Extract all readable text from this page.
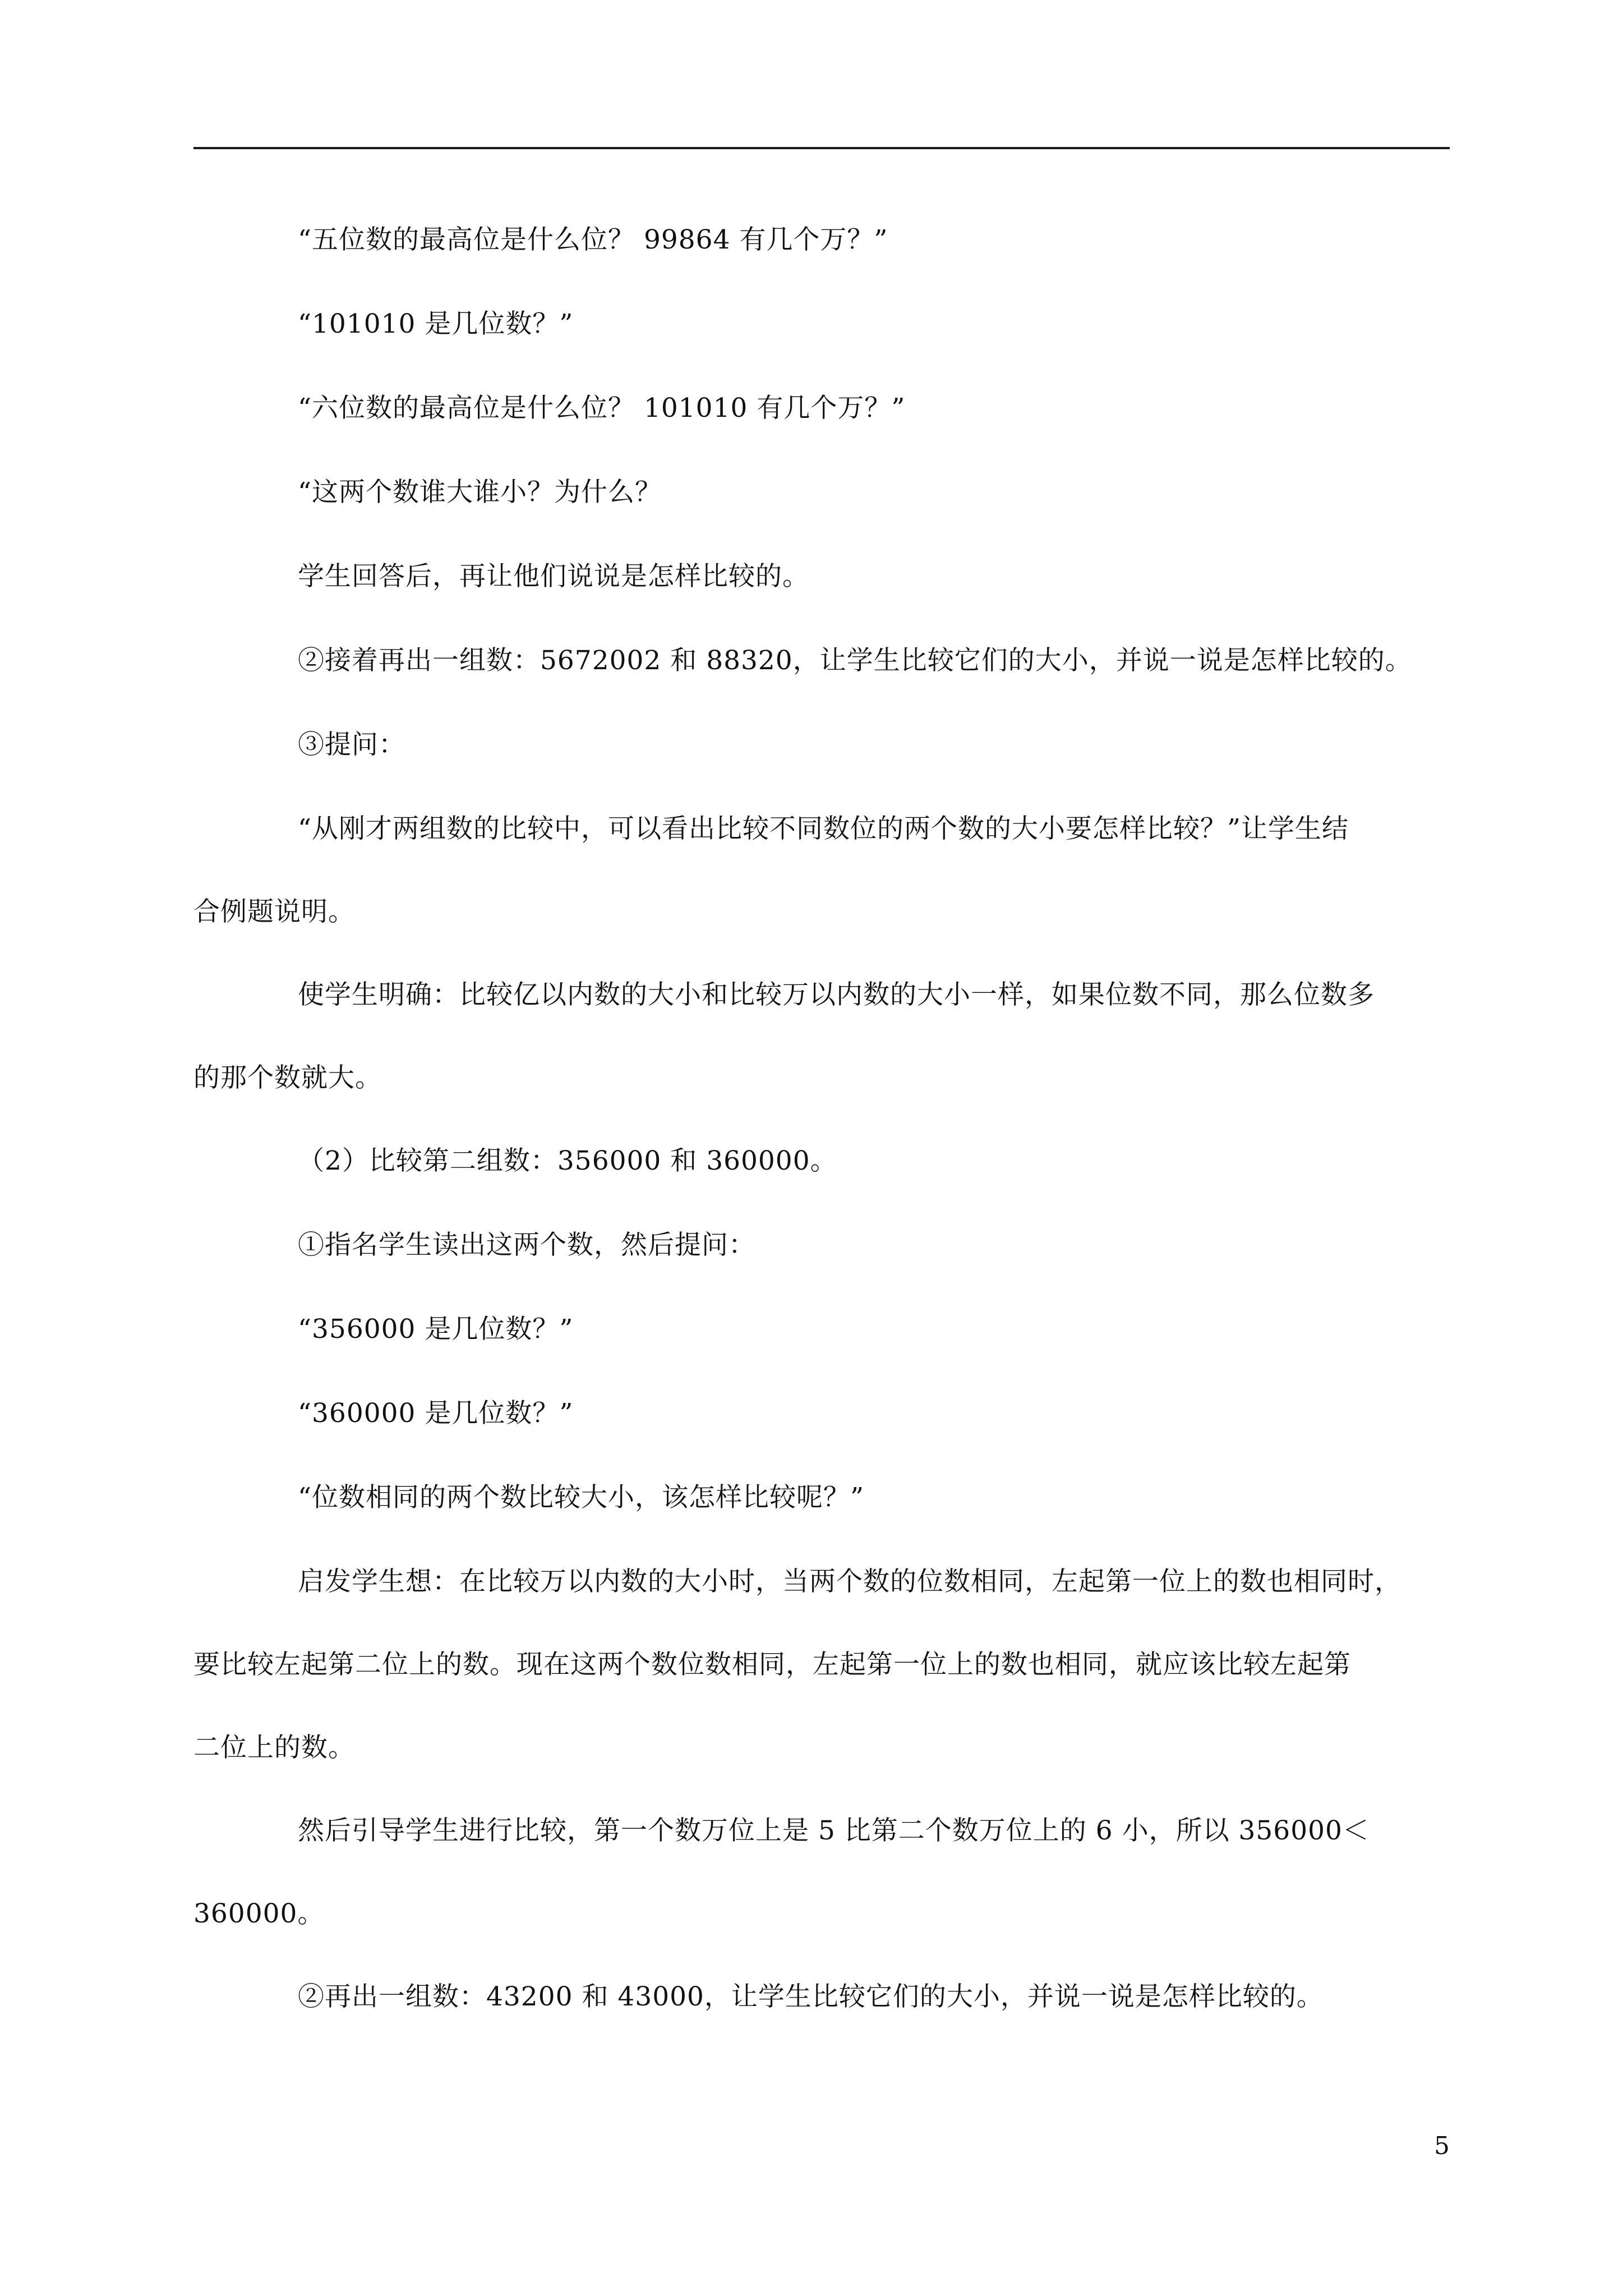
“五位数的最高位是什么位？ 99864 有几个万？”
“101010 是几位数？”
“六位数的最高位是什么位？ 101010 有几个万？”
“这两个数谁大谁小？为什么？
学生回答后，再让他们说说是怎样比较的。
②接着再出一组数：5672002 和 88320，让学生比较它们的大小，并说一说是怎样比较的。
③提问：
“从刚才两组数的比较中，可以看出比较不同数位的两个数的大小要怎样比较？”让学生结
合例题说明。
使学生明确：比较亿以内数的大小和比较万以内数的大小一样，如果位数不同，那么位数多
的那个数就大。
（2）比较第二组数：356000 和 360000。
①指名学生读出这两个数，然后提问：
“356000 是几位数？”
“360000 是几位数？”
“位数相同的两个数比较大小，该怎样比较呢？”
启发学生想：在比较万以内数的大小时，当两个数的位数相同，左起第一位上的数也相同时，
要比较左起第二位上的数。现在这两个数位数相同，左起第一位上的数也相同，就应该比较左起第
二位上的数。
然后引导学生进行比较，第一个数万位上是 5 比第二个数万位上的 6 小，所以 356000＜
360000。
②再出一组数：43200 和 43000，让学生比较它们的大小，并说一说是怎样比较的。
5
